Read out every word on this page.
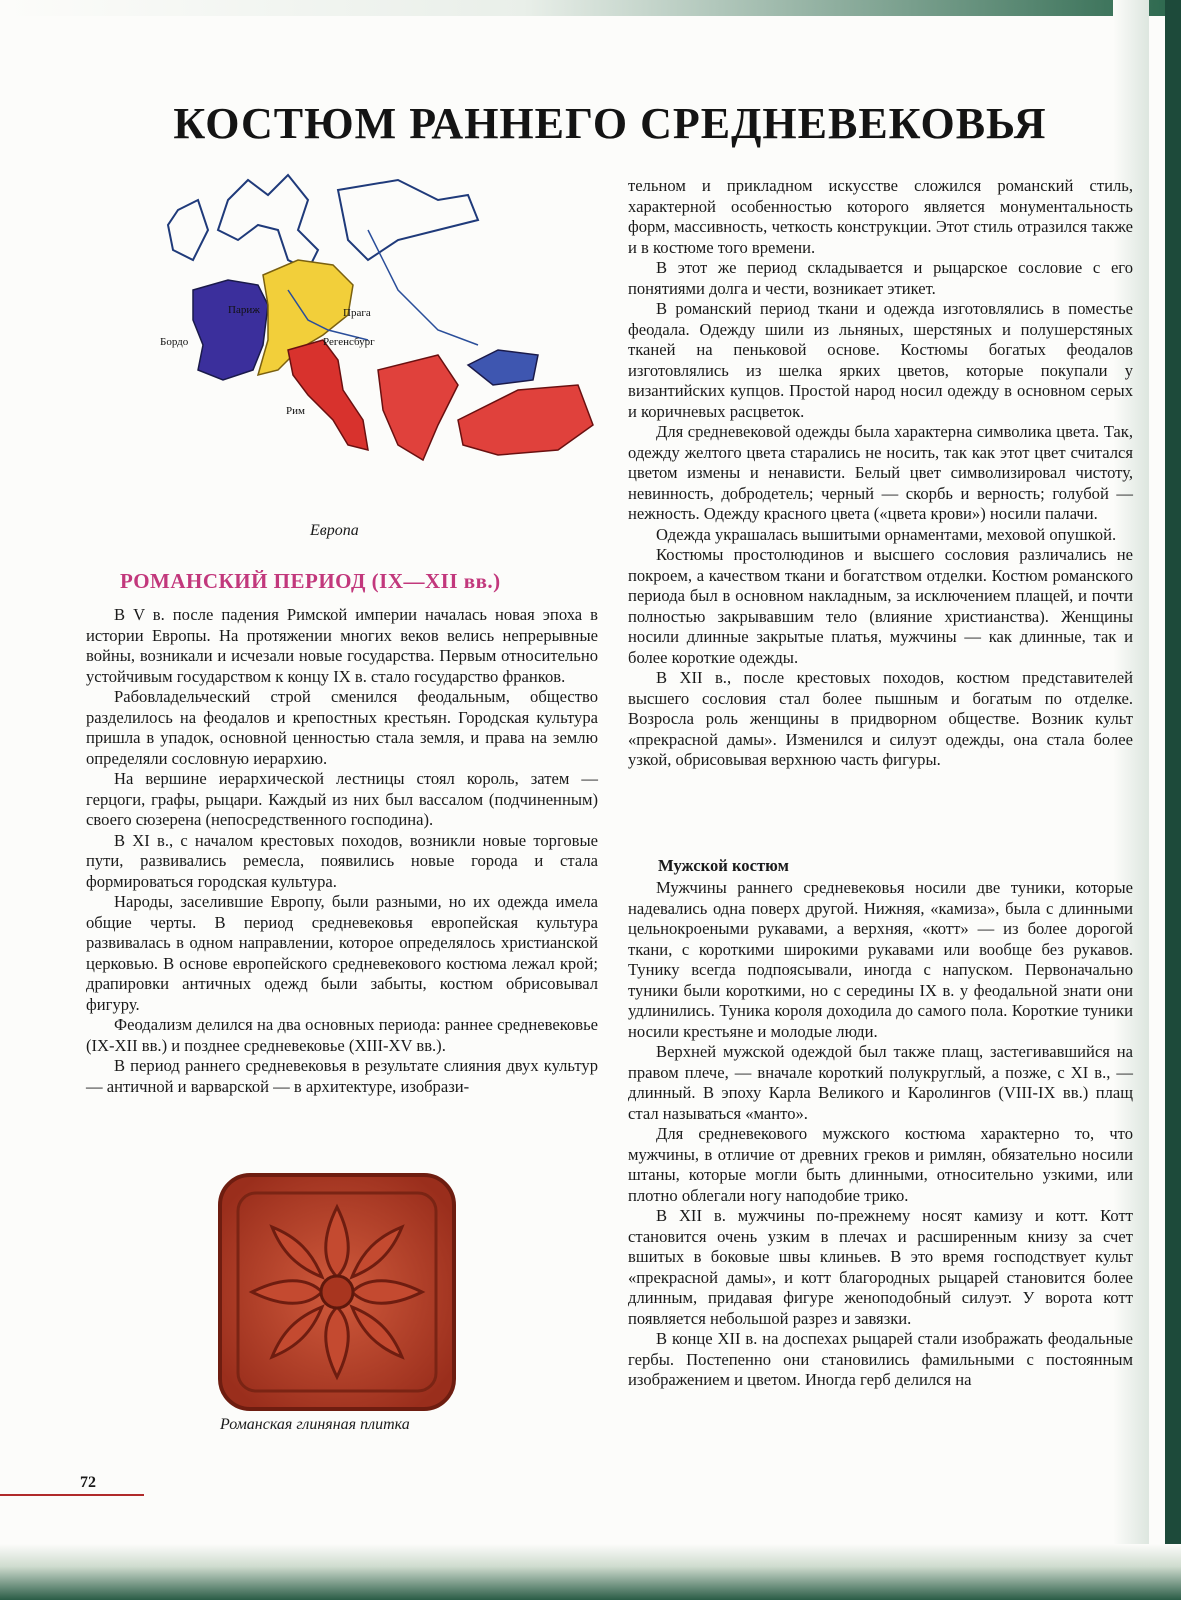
КОСТЮМ РАННЕГО СРЕДНЕВЕКОВЬЯ
Париж	Прага
Бордо	Регенсбург
Рим
Европа
РОМАНСКИЙ ПЕРИОД (IX—XII вв.)

В V в. после падения Римской империи началась новая эпоха в истории Европы. На протяжении многих веков велись непрерывные войны, возникали и исчезали новые государства. Первым относительно устойчивым государством к концу IX в. стало государство франков.

Рабовладельческий строй сменился феодальным, общество разделилось на феодалов и крепостных крестьян. Городская культура пришла в упадок, основной ценностью стала земля, и права на землю определяли сословную иерархию.

На вершине иерархической лестницы стоял король, затем — герцоги, графы, рыцари. Каждый из них был вассалом (подчиненным) своего сюзерена (непосредственного господина).

В XI в., с началом крестовых походов, возникли новые торговые пути, развивались ремесла, появились новые города и стала формироваться городская культура.

Народы, заселившие Европу, были разными, но их одежда имела общие черты. В период средневековья европейская культура развивалась в одном направлении, которое определялось христианской церковью. В основе европейского средневекового костюма лежал крой; драпировки античных одежд были забыты, костюм обрисовывал фигуру.

Феодализм делился на два основных периода: раннее средневековье (IX-XII вв.) и позднее средневековье (XIII-XV вв.).

В период раннего средневековья в результате слияния двух культур — античной и варварской — в архитектуре, изобрази-

тельном и прикладном искусстве сложился романский стиль, характерной особенностью которого является монументальность форм, массивность, четкость конструкции. Этот стиль отразился также и в костюме того времени.

В этот же период складывается и рыцарское сословие с его понятиями долга и чести, возникает этикет.

В романский период ткани и одежда изготовлялись в поместье феодала. Одежду шили из льняных, шерстяных и полушерстяных тканей на пеньковой основе. Костюмы богатых феодалов изготовлялись из шелка ярких цветов, которые покупали у византийских купцов. Простой народ носил одежду в основном серых и коричневых расцветок.

Для средневековой одежды была характерна символика цвета. Так, одежду желтого цвета старались не носить, так как этот цвет считался цветом измены и ненависти. Белый цвет символизировал чистоту, невинность, добродетель; черный — скорбь и верность; голубой — нежность. Одежду красного цвета («цвета крови») носили палачи.

Одежда украшалась вышитыми орнаментами, меховой опушкой.

Костюмы простолюдинов и высшего сословия различались не покроем, а качеством ткани и богатством отделки. Костюм романского периода был в основном накладным, за исключением плащей, и почти полностью закрывавшим тело (влияние христианства). Женщины носили длинные закрытые платья, мужчины — как длинные, так и более короткие одежды.

В XII в., после крестовых походов, костюм представителей высшего сословия стал более пышным и богатым по отделке. Возросла роль женщины в придворном обществе. Возник культ «прекрасной дамы». Изменился и силуэт одежды, она стала более узкой, обрисовывая верхнюю часть фигуры.

Мужской костюм

Мужчины раннего средневековья носили две туники, которые надевались одна поверх другой. Нижняя, «камиза», была с длинными цельнокроеными рукавами, а верхняя, «котт» — из более дорогой ткани, с короткими широкими рукавами или вообще без рукавов. Тунику всегда подпоясывали, иногда с напуском. Первоначально туники были короткими, но с середины IX в. у феодальной знати они удлинились. Туника короля доходила до самого пола. Короткие туники носили крестьяне и молодые люди.

Верхней мужской одеждой был также плащ, застегивавшийся на правом плече, — вначале короткий полукруглый, а позже, с XI в., — длинный. В эпоху Карла Великого и Каролингов (VIII-IX вв.) плащ стал называться «манто».

Для средневекового мужского костюма характерно то, что мужчины, в отличие от древних греков и римлян, обязательно носили штаны, которые могли быть длинными, относительно узкими, или плотно облегали ногу наподобие трико.

В XII в. мужчины по-прежнему носят камизу и котт. Котт становится очень узким в плечах и расширенным книзу за счет вшитых в боковые швы клиньев. В это время господствует культ «прекрасной дамы», и котт благородных рыцарей становится более длинным, придавая фигуре женоподобный силуэт. У ворота котт появляется небольшой разрез и завязки.

В конце XII в. на доспехах рыцарей стали изображать феодальные гербы. Постепенно они становились фамильными с постоянным изображением и цветом. Иногда герб делился на

Романская глиняная плитка
72
